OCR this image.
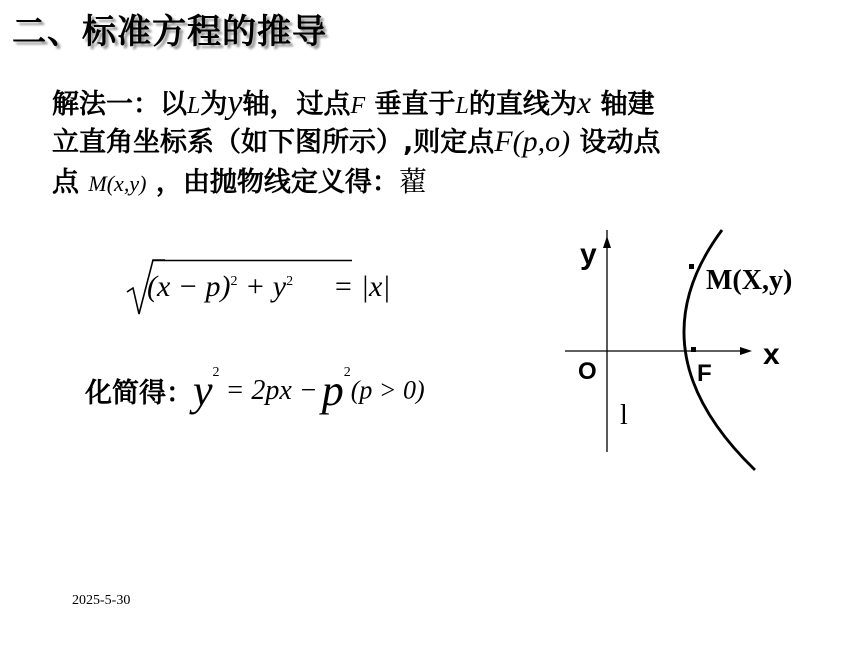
二、标准方程的推导
解法一：以L为y轴，过点F 垂直于L的直线为x 轴建
立直角坐标系（如下图所示）,则定点F(p,o) 设动点
点 M(x,y) ，由抛物线定义得：藋
$(x - p)^2 + y^2 = |x|$
化简得：y2= 2px −p2(p > 0)
y
x
O	F
M(X,y)
l
2025-5-30
